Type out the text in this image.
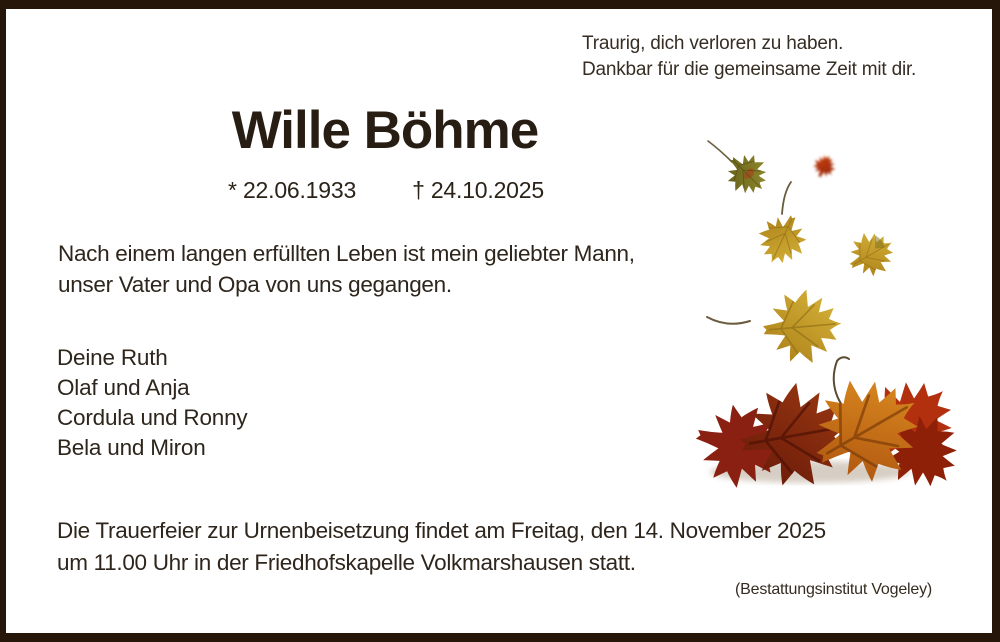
Traurig, dich verloren zu haben.
Dankbar für die gemeinsame Zeit mit dir.
Wille Böhme
* 22.06.1933 † 24.10.2025
Nach einem langen erfüllten Leben ist mein geliebter Mann,
unser Vater und Opa von uns gegangen.
Deine Ruth
Olaf und Anja
Cordula und Ronny
Bela und Miron
Die Trauerfeier zur Urnenbeisetzung findet am Freitag, den 14. November 2025
um 11.00 Uhr in der Friedhofskapelle Volkmarshausen statt.
(Bestattungsinstitut Vogeley)
